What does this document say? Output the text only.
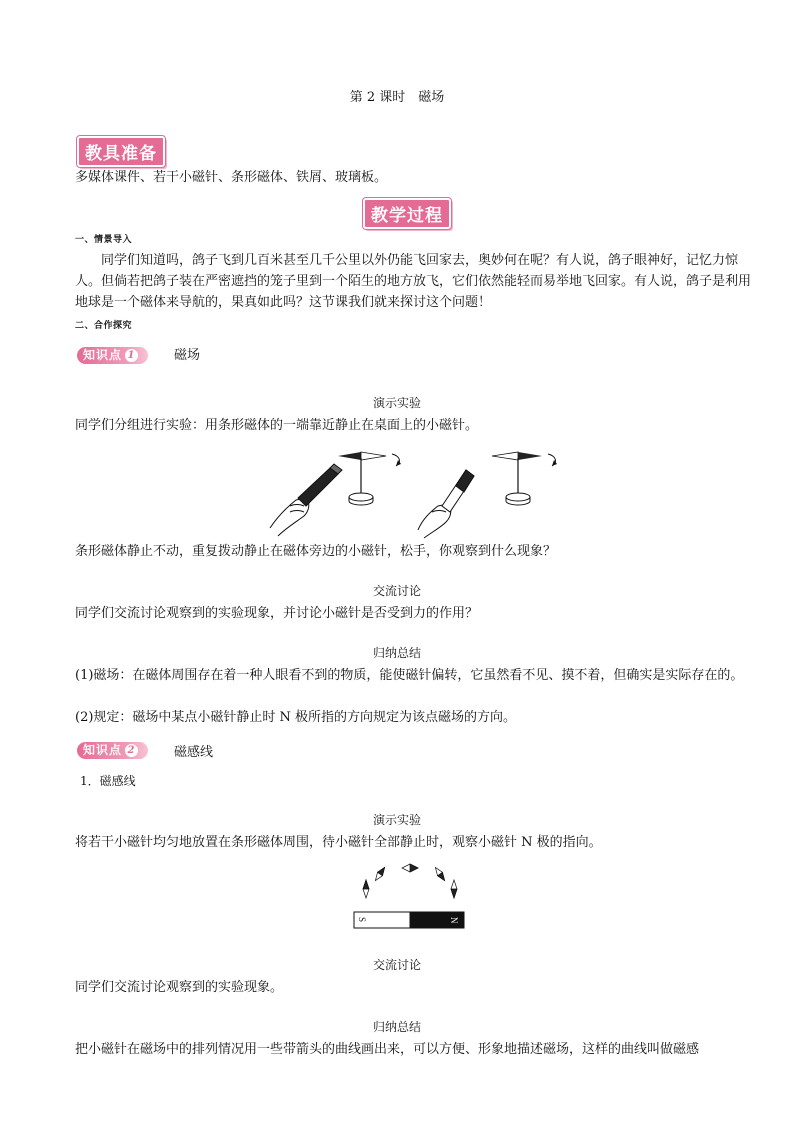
第 2 课时　磁场
教具准备
多媒体课件、若干小磁针、条形磁体、铁屑、玻璃板。
教学过程
一、情景导入
同学们知道吗，鸽子飞到几百米甚至几千公里以外仍能飞回家去，奥妙何在呢？有人说，鸽子眼神好，记忆力惊人。但倘若把鸽子装在严密遮挡的笼子里到一个陌生的地方放飞，它们依然能轻而易举地飞回家。有人说，鸽子是利用地球是一个磁体来导航的，果真如此吗？这节课我们就来探讨这个问题！
二、合作探究
知识点 1	磁场
演示实验
同学们分组进行实验：用条形磁体的一端靠近静止在桌面上的小磁针。
条形磁体静止不动，重复拨动静止在磁体旁边的小磁针，松手，你观察到什么现象？
交流讨论
同学们交流讨论观察到的实验现象，并讨论小磁针是否受到力的作用？
归纳总结
(1)磁场：在磁体周围存在着一种人眼看不到的物质，能使磁针偏转，它虽然看不见、摸不着，但确实是实际存在的。
(2)规定：磁场中某点小磁针静止时 N 极所指的方向规定为该点磁场的方向。
知识点 2	磁感线
1．磁感线
演示实验
将若干小磁针均匀地放置在条形磁体周围，待小磁针全部静止时，观察小磁针 N 极的指向。
S	N
交流讨论
同学们交流讨论观察到的实验现象。
归纳总结
把小磁针在磁场中的排列情况用一些带箭头的曲线画出来，可以方便、形象地描述磁场，这样的曲线叫做磁感
